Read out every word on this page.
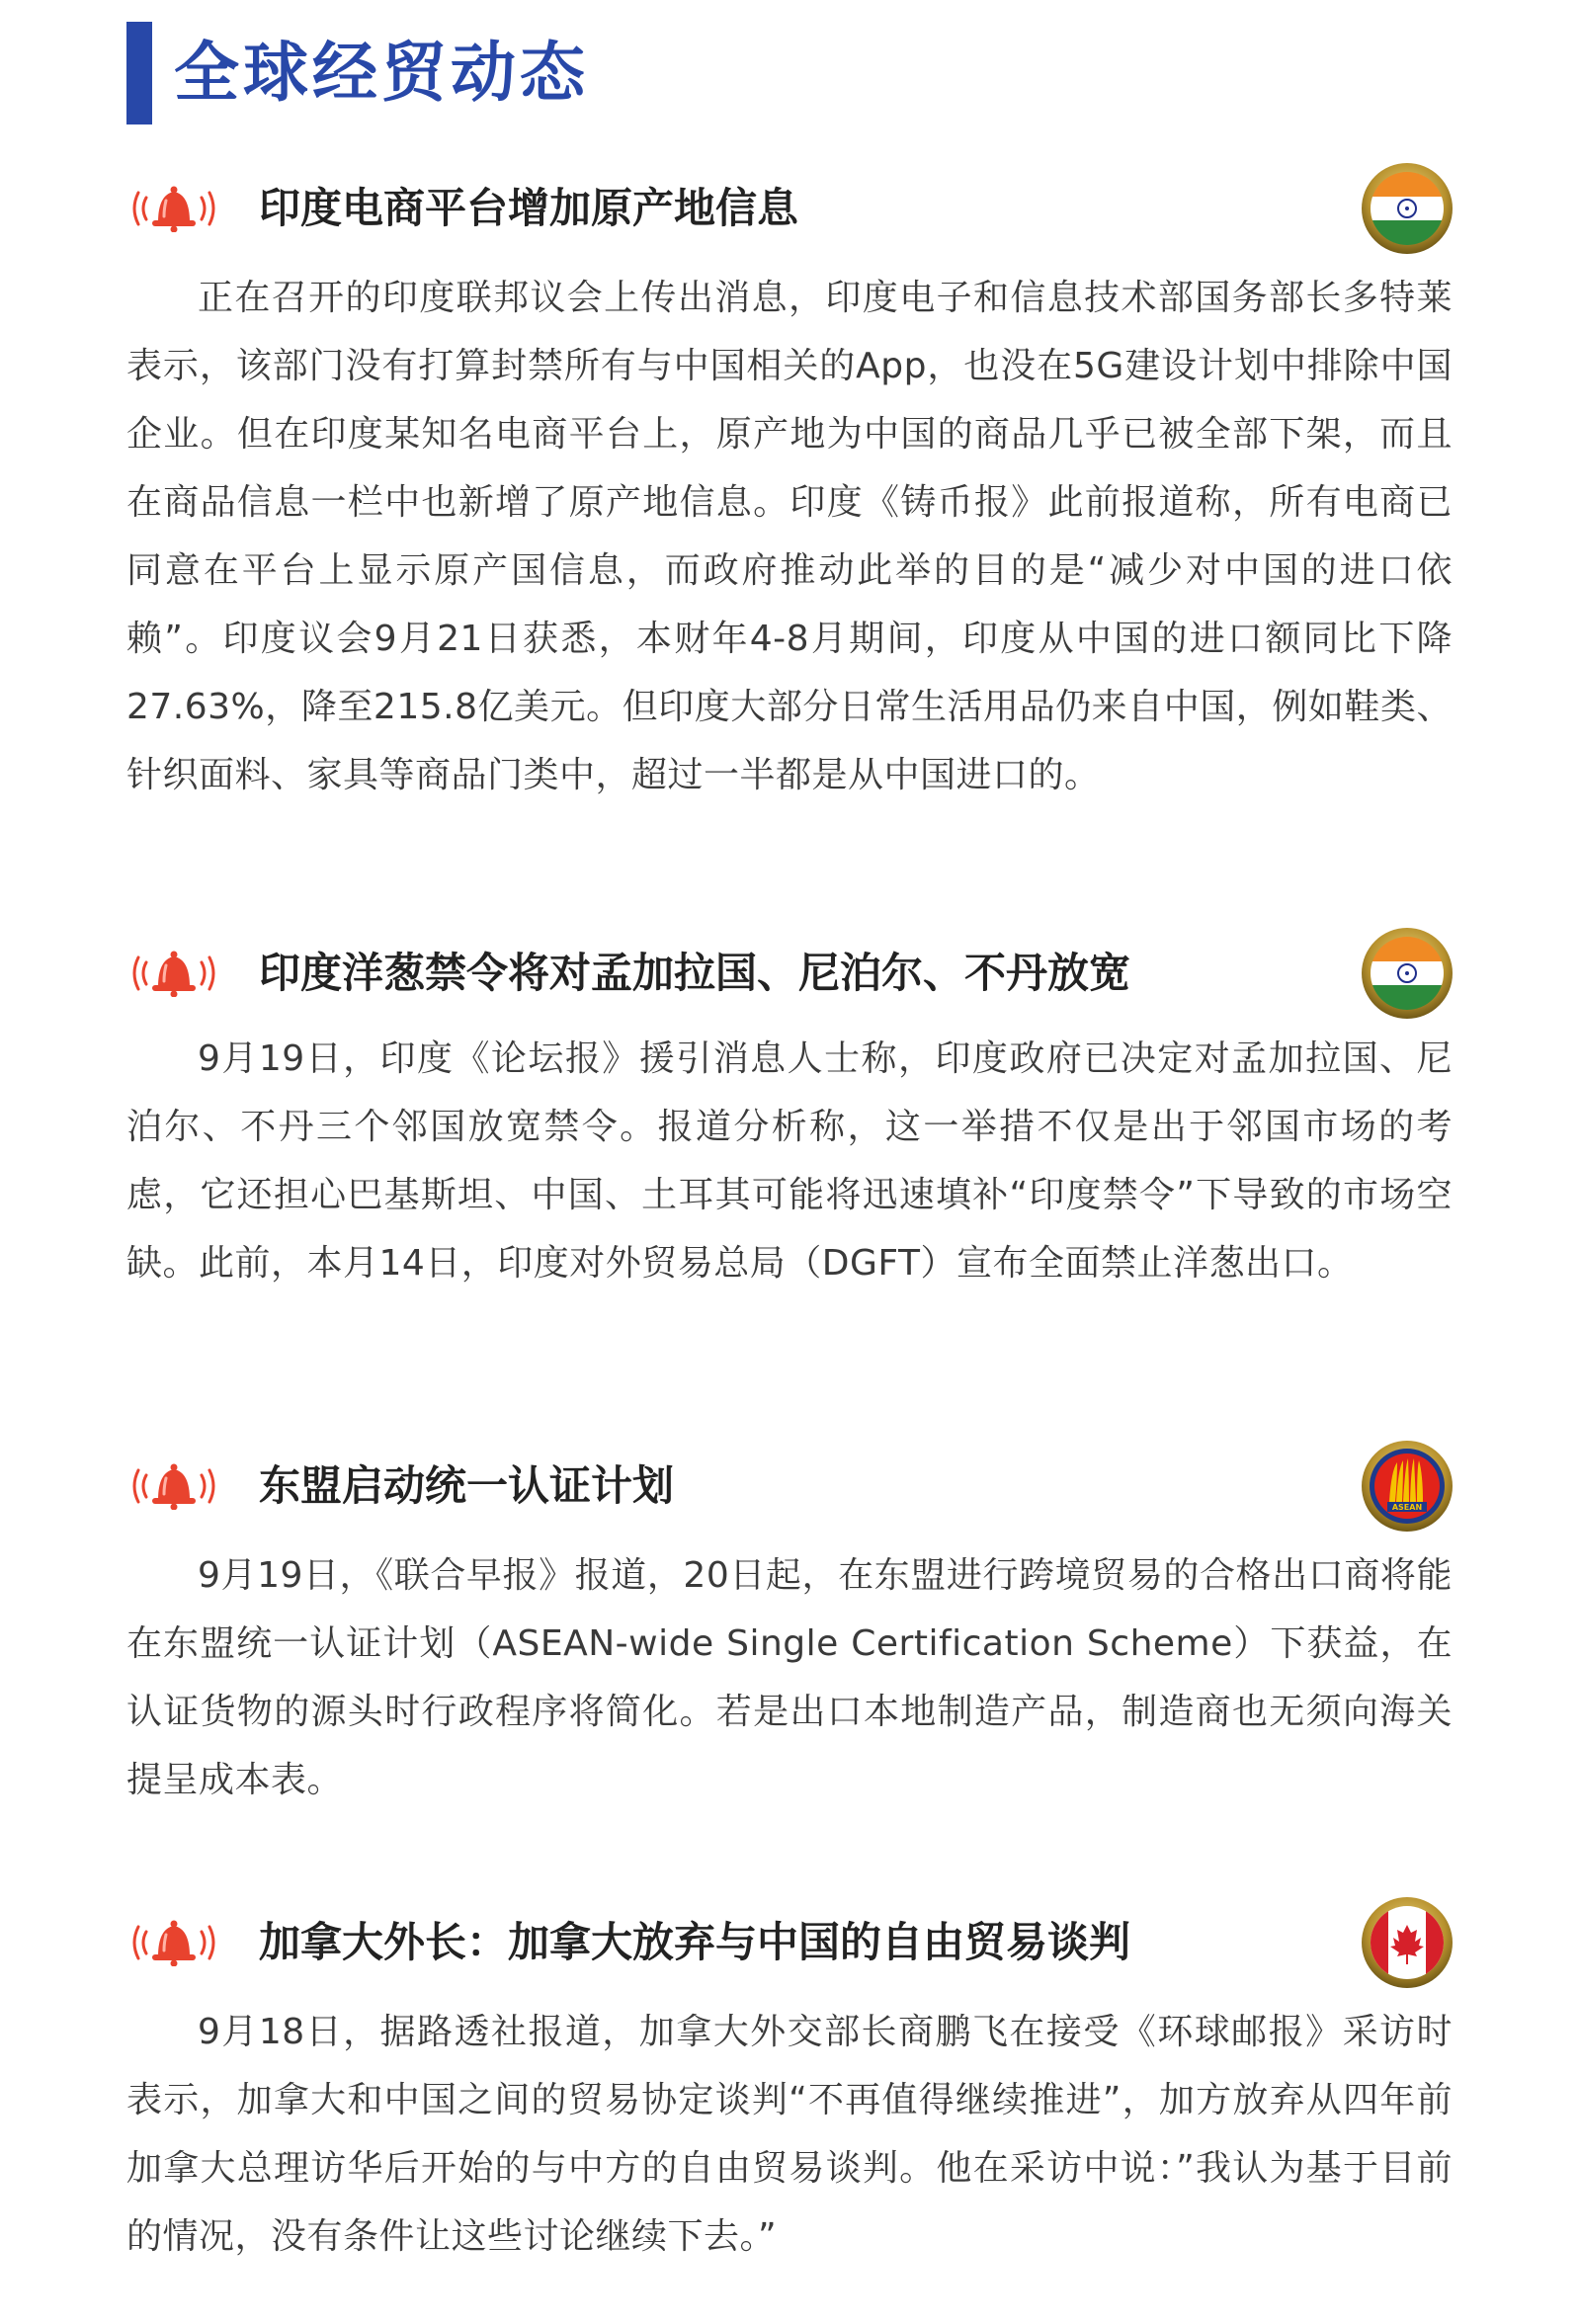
全球经贸动态
印度电商平台增加原产地信息

正在召开的印度联邦议会上传出消息，印度电子和信息技术部国务部长多特莱表示，该部门没有打算封禁所有与中国相关的App，也没在5G建设计划中排除中国企业。但在印度某知名电商平台上，原产地为中国的商品几乎已被全部下架，而且在商品信息一栏中也新增了原产地信息。印度《铸币报》此前报道称，所有电商已同意在平台上显示原产国信息，而政府推动此举的目的是“减少对中国的进口依赖”。印度议会9月21日获悉，本财年4-8月期间，印度从中国的进口额同比下降27.63%，降至215.8亿美元。但印度大部分日常生活用品仍来自中国，例如鞋类、针织面料、家具等商品门类中，超过一半都是从中国进口的。

印度洋葱禁令将对孟加拉国、尼泊尔、不丹放宽

9月19日，印度《论坛报》援引消息人士称，印度政府已决定对孟加拉国、尼泊尔、不丹三个邻国放宽禁令。报道分析称，这一举措不仅是出于邻国市场的考虑，它还担心巴基斯坦、中国、土耳其可能将迅速填补“印度禁令”下导致的市场空缺。此前，本月14日，印度对外贸易总局（DGFT）宣布全面禁止洋葱出口。

东盟启动统一认证计划	ASEAN

9月19日，《联合早报》报道，20日起，在东盟进行跨境贸易的合格出口商将能在东盟统一认证计划（ASEAN-wide Single Certification Scheme）下获益，在认证货物的源头时行政程序将简化。若是出口本地制造产品，制造商也无须向海关提呈成本表。

加拿大外长：加拿大放弃与中国的自由贸易谈判

9月18日，据路透社报道，加拿大外交部长商鹏飞在接受《环球邮报》采访时表示，加拿大和中国之间的贸易协定谈判“不再值得继续推进”，加方放弃从四年前加拿大总理访华后开始的与中方的自由贸易谈判。他在采访中说：”我认为基于目前的情况，没有条件让这些讨论继续下去。”
